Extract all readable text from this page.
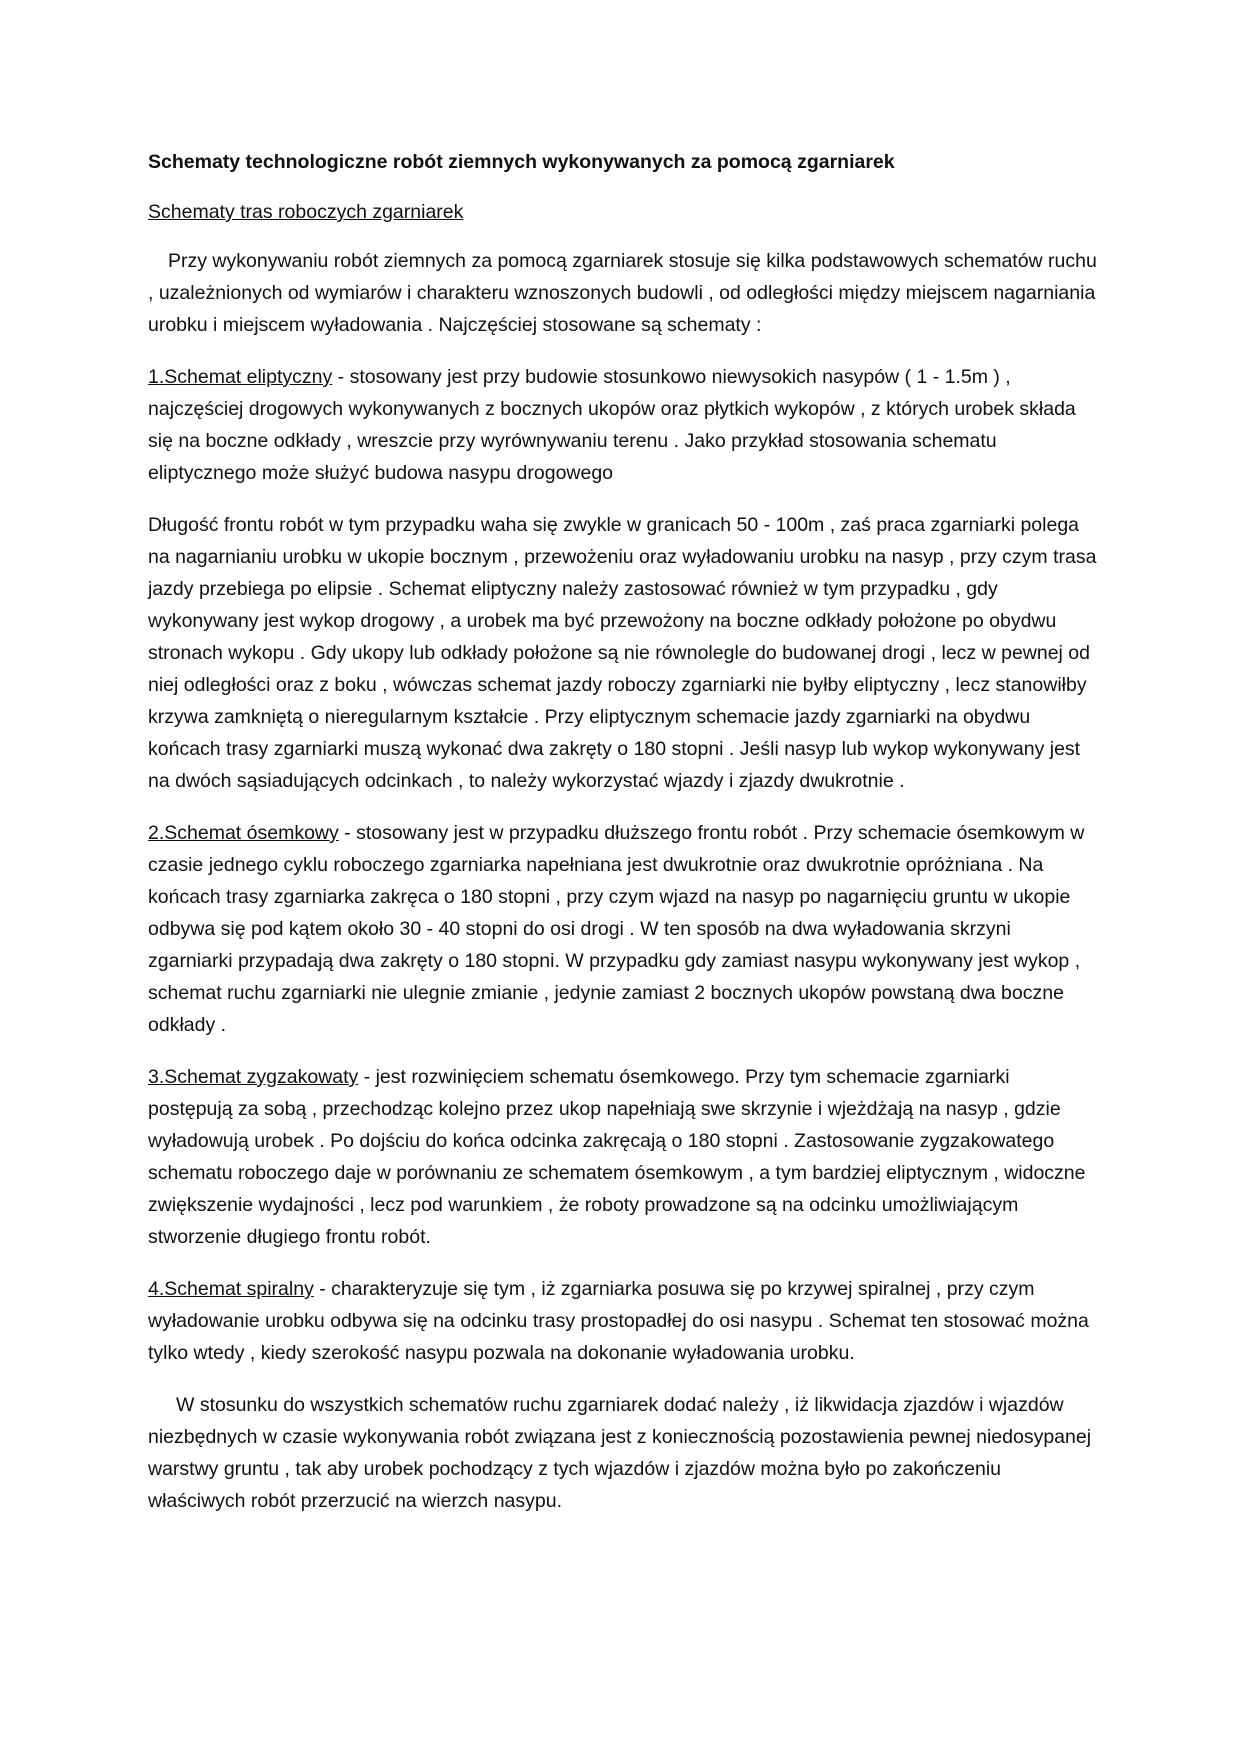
Schematy technologiczne robót ziemnych wykonywanych za pomocą zgarniarek
Schematy tras roboczych zgarniarek

Przy wykonywaniu robót ziemnych za pomocą zgarniarek stosuje się kilka podstawowych schematów ruchu , uzależnionych od wymiarów i charakteru wznoszonych budowli , od odległości między miejscem nagarniania urobku i miejscem wyładowania . Najczęściej stosowane są schematy :

1.Schemat eliptyczny - stosowany jest przy budowie stosunkowo niewysokich nasypów ( 1 - 1.5m ) , najczęściej drogowych wykonywanych z bocznych ukopów oraz płytkich wykopów , z których urobek składa się na boczne odkłady , wreszcie przy wyrównywaniu terenu . Jako przykład stosowania schematu eliptycznego może służyć budowa nasypu drogowego

Długość frontu robót w tym przypadku waha się zwykle w granicach 50 - 100m , zaś praca zgarniarki polega na nagarnianiu urobku w ukopie bocznym , przewożeniu oraz wyładowaniu urobku na nasyp , przy czym trasa jazdy przebiega po elipsie . Schemat eliptyczny należy zastosować również w tym przypadku , gdy wykonywany jest wykop drogowy , a urobek ma być przewożony na boczne odkłady położone po obydwu stronach wykopu . Gdy ukopy lub odkłady położone są nie równolegle do budowanej drogi , lecz w pewnej od niej odległości oraz z boku , wówczas schemat jazdy roboczy zgarniarki nie byłby eliptyczny , lecz stanowiłby krzywa zamkniętą o nieregularnym kształcie . Przy eliptycznym schemacie jazdy zgarniarki na obydwu końcach trasy zgarniarki muszą wykonać dwa zakręty o 180 stopni . Jeśli nasyp lub wykop wykonywany jest na dwóch sąsiadujących odcinkach , to należy wykorzystać wjazdy i zjazdy dwukrotnie .

2.Schemat ósemkowy - stosowany jest w przypadku dłuższego frontu robót . Przy schemacie ósemkowym w czasie jednego cyklu roboczego zgarniarka napełniana jest dwukrotnie oraz dwukrotnie opróżniana . Na końcach trasy zgarniarka zakręca o 180 stopni , przy czym wjazd na nasyp po nagarnięciu gruntu w ukopie odbywa się pod kątem około 30 - 40 stopni do osi drogi . W ten sposób na dwa wyładowania skrzyni zgarniarki przypadają dwa zakręty o 180 stopni. W przypadku gdy zamiast nasypu wykonywany jest wykop , schemat ruchu zgarniarki nie ulegnie zmianie , jedynie zamiast 2 bocznych ukopów powstaną dwa boczne odkłady .

3.Schemat zygzakowaty - jest rozwinięciem schematu ósemkowego. Przy tym schemacie zgarniarki postępują za sobą , przechodząc kolejno przez ukop napełniają swe skrzynie i wjeżdżają na nasyp , gdzie wyładowują urobek . Po dojściu do końca odcinka zakręcają o 180 stopni . Zastosowanie zygzakowatego schematu roboczego daje w porównaniu ze schematem ósemkowym , a tym bardziej eliptycznym , widoczne zwiększenie wydajności , lecz pod warunkiem , że roboty prowadzone są na odcinku umożliwiającym stworzenie długiego frontu robót.

4.Schemat spiralny - charakteryzuje się tym , iż zgarniarka posuwa się po krzywej spiralnej , przy czym wyładowanie urobku odbywa się na odcinku trasy prostopadłej do osi nasypu . Schemat ten stosować można tylko wtedy , kiedy szerokość nasypu pozwala na dokonanie wyładowania urobku.

W stosunku do wszystkich schematów ruchu zgarniarek dodać należy , iż likwidacja zjazdów i wjazdów niezbędnych w czasie wykonywania robót związana jest z koniecznością pozostawienia pewnej niedosypanej warstwy gruntu , tak aby urobek pochodzący z tych wjazdów i zjazdów można było po zakończeniu właściwych robót przerzucić na wierzch nasypu.
